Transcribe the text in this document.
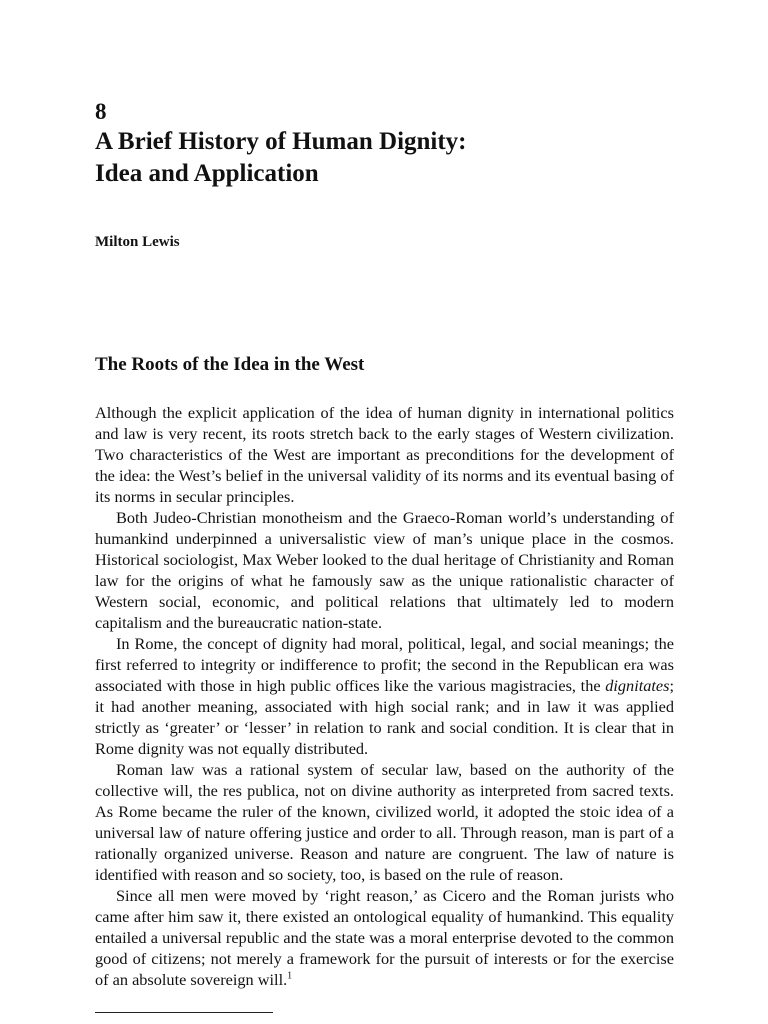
8
A Brief History of Human Dignity:
Idea and Application
Milton Lewis
The Roots of the Idea in the West

Although the explicit application of the idea of human dignity in international politics and law is very recent, its roots stretch back to the early stages of Western civilization. Two characteristics of the West are important as preconditions for the development of the idea: the West’s belief in the universal validity of its norms and its eventual basing of its norms in secular principles.

Both Judeo-Christian monotheism and the Graeco-Roman world’s understanding of humankind underpinned a universalistic view of man’s unique place in the cosmos. Historical sociologist, Max Weber looked to the dual heritage of Christianity and Roman law for the origins of what he famously saw as the unique rationalistic character of Western social, economic, and political relations that ultimately led to modern capitalism and the bureaucratic nation-state.

In Rome, the concept of dignity had moral, political, legal, and social meanings; the first referred to integrity or indifference to profit; the second in the Republican era was associated with those in high public offices like the various magistracies, the dignitates; it had another meaning, associated with high social rank; and in law it was applied strictly as ‘greater’ or ‘lesser’ in relation to rank and social condition. It is clear that in Rome dignity was not equally distributed.

Roman law was a rational system of secular law, based on the authority of the collective will, the res publica, not on divine authority as interpreted from sacred texts. As Rome became the ruler of the known, civilized world, it adopted the stoic idea of a universal law of nature offering justice and order to all. Through reason, man is part of a rationally organized universe. Reason and nature are congruent. The law of nature is identified with reason and so society, too, is based on the rule of reason.

Since all men were moved by ‘right reason,’ as Cicero and the Roman jurists who came after him saw it, there existed an ontological equality of humankind. This equality entailed a universal republic and the state was a moral enterprise devoted to the common good of citizens; not merely a framework for the pursuit of interests or for the exercise of an absolute sovereign will.$^1$
